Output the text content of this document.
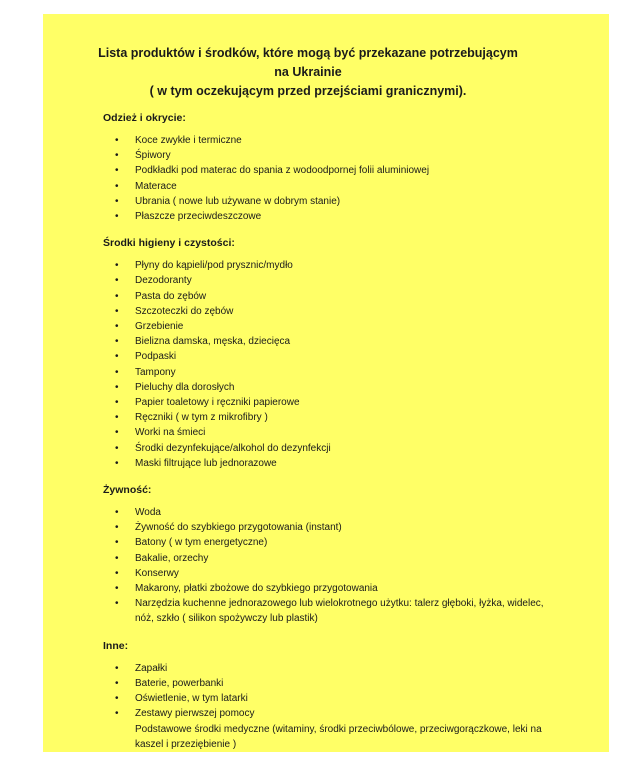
Lista produktów i środków, które mogą być przekazane potrzebującym
na Ukrainie
( w tym oczekującym przed przejściami granicznymi).
Odzież i okrycie:
• Koce zwykłe i termiczne
• Śpiwory
• Podkładki pod materac do spania z wodoodpornej folii aluminiowej
• Materace
• Ubrania ( nowe lub używane w dobrym stanie)
• Płaszcze przeciwdeszczowe
Środki higieny i czystości:
• Płyny do kąpieli/pod prysznic/mydło
• Dezodoranty
• Pasta do zębów
• Szczoteczki do zębów
• Grzebienie
• Bielizna damska, męska, dziecięca
• Podpaski
• Tampony
• Pieluchy dla dorosłych
• Papier toaletowy i ręczniki papierowe
• Ręczniki ( w tym z mikrofibry )
• Worki na śmieci
• Środki dezynfekujące/alkohol do dezynfekcji
• Maski filtrujące lub jednorazowe
Żywność:
• Woda
• Żywność do szybkiego przygotowania (instant)
• Batony ( w tym energetyczne)
• Bakalie, orzechy
• Konserwy
• Makarony, płatki zbożowe do szybkiego przygotowania
• Narzędzia kuchenne jednorazowego lub wielokrotnego użytku: talerz głęboki, łyżka, widelec,
nóż, szkło ( silikon spożywczy lub plastik)
Inne:
• Zapałki
• Baterie, powerbanki
• Oświetlenie, w tym latarki
• Zestawy pierwszej pomocy
Podstawowe środki medyczne (witaminy, środki przeciwbólowe, przeciwgorączkowe, leki na
kaszel i przeziębienie )
